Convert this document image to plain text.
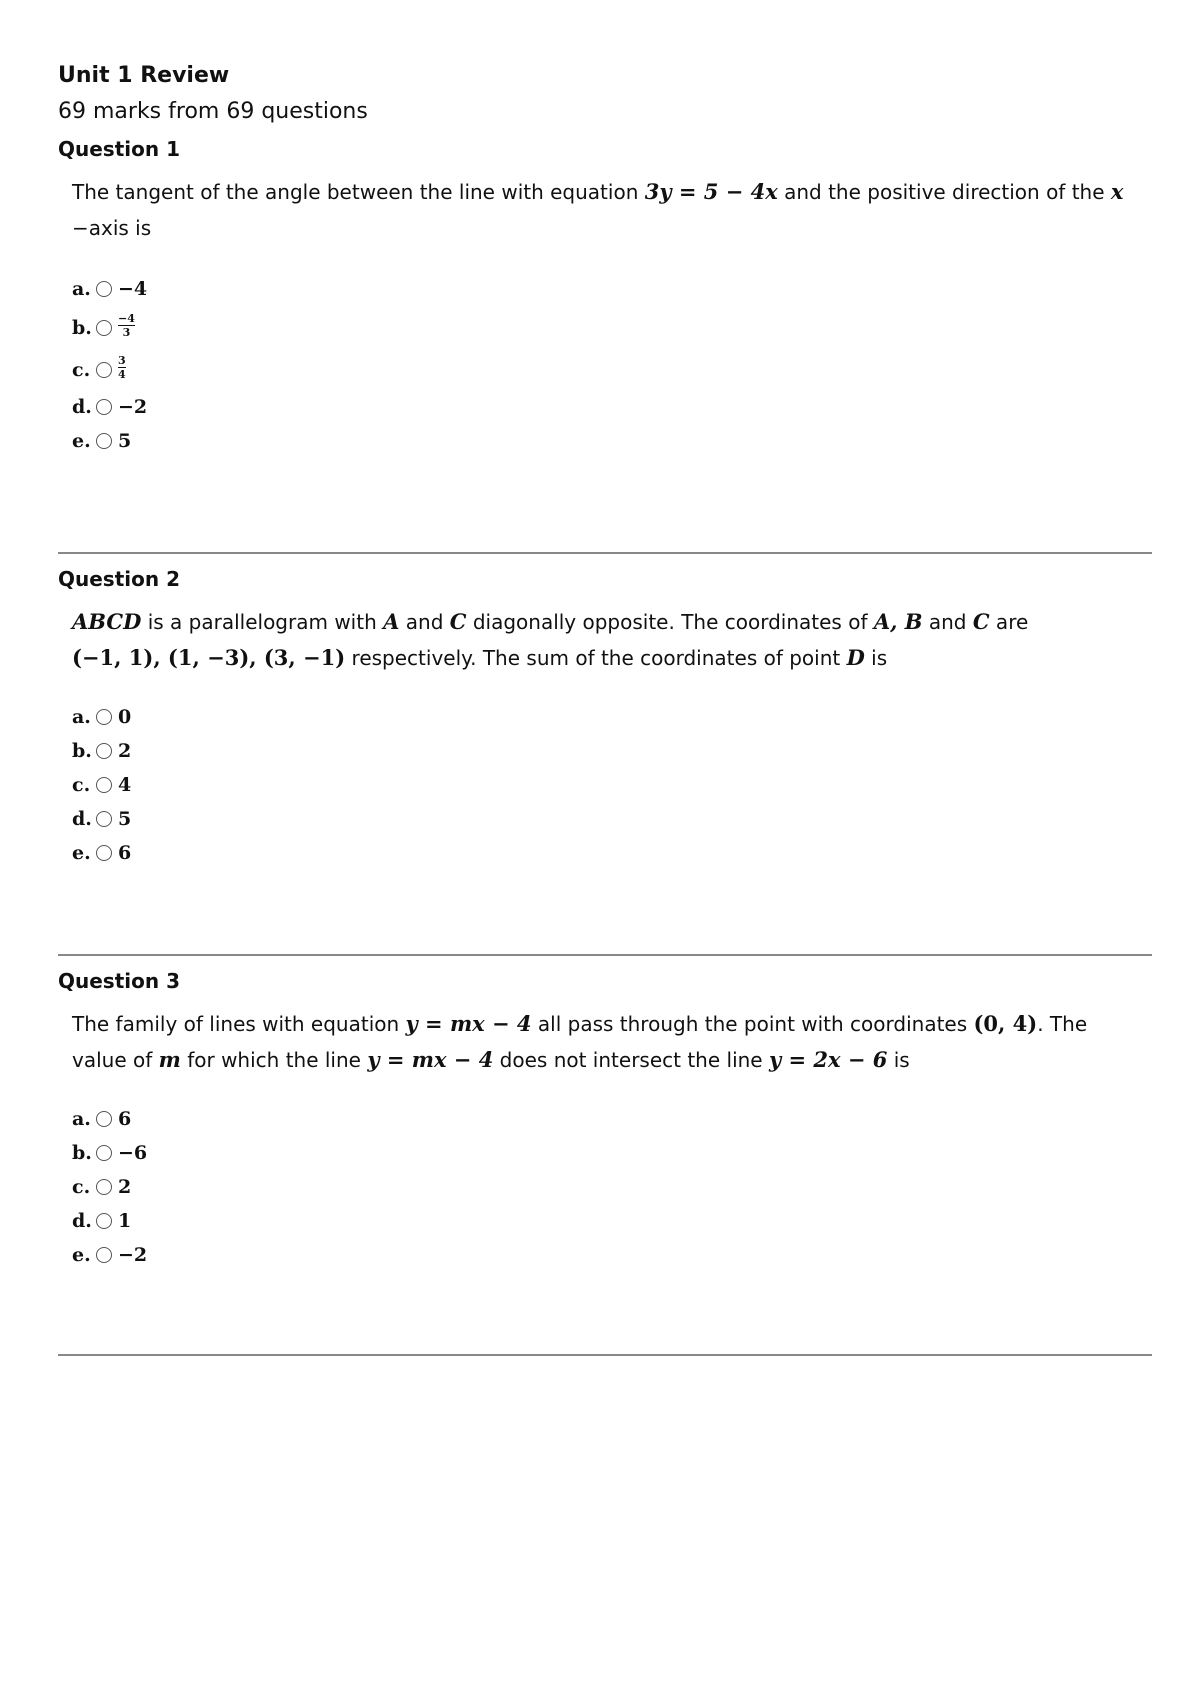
Unit 1 Review
69 marks from 69 questions
Question 1
The tangent of the angle between the line with equation 3y = 5 − 4x and the positive direction of the x
−axis is
a. −4
b.	$\frac{-4}{3}$
c.	$\frac{3}{4}$
d. −2
e. 5
Question 2
ABCD is a parallelogram with A and C diagonally opposite. The coordinates of A, B and C are
(−1, 1), (1, −3), (3, −1) respectively. The sum of the coordinates of point D is
a. 0
b. 2
c.	4
d. 5
e. 6
Question 3
The family of lines with equation y = mx − 4 all pass through the point with coordinates (0, 4). The
value of m for which the line y = mx − 4 does not intersect the line y = 2x − 6 is
a. 6
b. −6
c.	2
d. 1
e. −2
